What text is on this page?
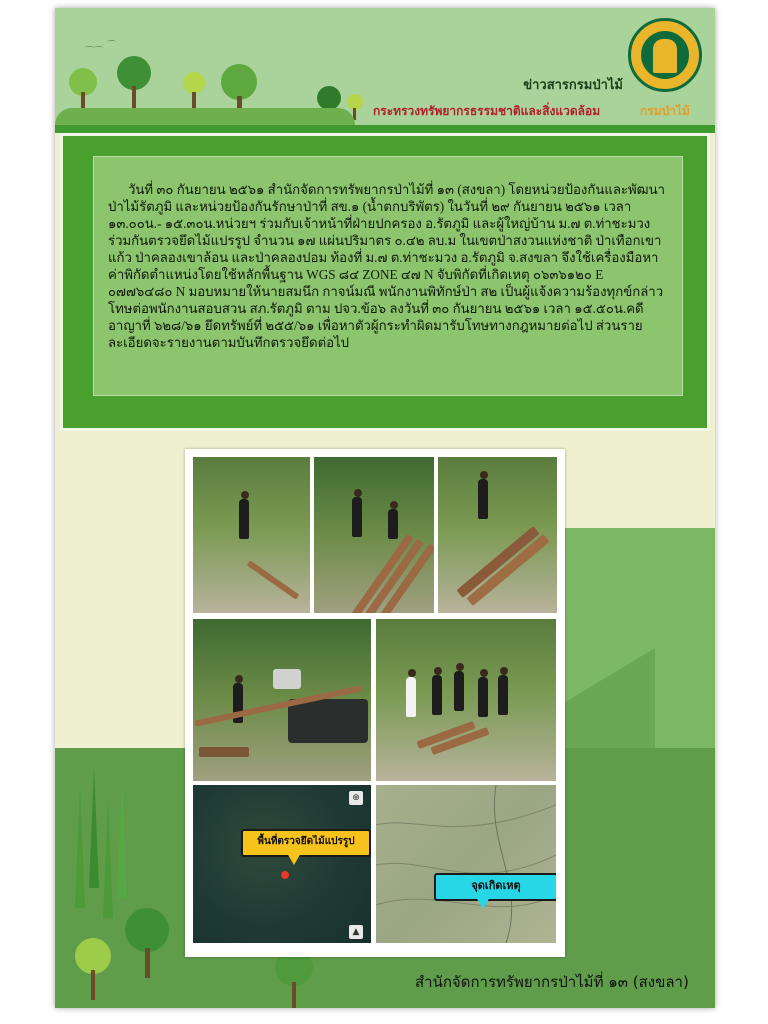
⌒⌒
⌒
ข่าวสารกรมป่าไม้
กระทรวงทรัพยากรธรรมชาติและสิ่งแวดล้อม	กรมป่าไม้

วันที่ ๓๐ กันยายน ๒๕๖๑ สำนักจัดการทรัพยากรป่าไม้ที่ ๑๓ (สงขลา) โดยหน่วยป้องกันและพัฒนาป่าไม้รัตภูมิ และหน่วยป้องกันรักษาป่าที่ สข.๑ (น้ำตกบริพัตร) ในวันที่ ๒๙ กันยายน ๒๕๖๑ เวลา ๑๓.๐๐น.- ๑๕.๓๐น.หน่วยฯ ร่วมกับเจ้าหน้าที่ฝ่ายปกครอง อ.รัตภูมิ และผู้ใหญ่บ้าน ม.๗ ต.ท่าชะมวง ร่วมกันตรวจยึดไม้แปรรูป จำนวน ๑๗ แผ่นปริมาตร ๐.๔๒ ลบ.ม ในเขตป่าสงวนแห่งชาติ ป่าเทือกเขาแก้ว ป่าคลองเขาล้อน และป่าคลองปอม ท้องที่ ม.๗ ต.ท่าชะมวง อ.รัตภูมิ จ.สงขลา จึงใช้เครื่องมือหาค่าพิกัดตำแหน่งโดยใช้หลักพื้นฐาน WGS ๘๔ ZONE ๔๗ N จับพิกัดที่เกิดเหตุ ๐๖๓๖๑๒๐ E ๐๗๗๖๔๘๐ N มอบหมายให้นายสมนึก กาจน์มณี พนักงานพิทักษ์ป่า ส๒ เป็นผู้แจ้งความร้องทุกข์กล่าวโทษต่อพนักงานสอบสวน สภ.รัตภูมิ ตาม ปจว.ข้อ๖ ลงวันที่ ๓๐ กันยายน ๒๕๖๑ เวลา ๑๕.๕๐น.คดีอาญาที่ ๖๒๘/๖๑ ยึดทรัพย์ที่ ๒๕๕/๖๑ เพื่อหาตัวผู้กระทำผิดมารับโทษทางกฎหมายต่อไป ส่วนรายละเอียดจะรายงานตามบันทึกตรวจยึดต่อไป

⊕
พื้นที่ตรวจยึดไม้แปรรูป
▲
จุดเกิดเหตุ
สำนักจัดการทรัพยากรป่าไม้ที่ ๑๓ (สงขลา)
